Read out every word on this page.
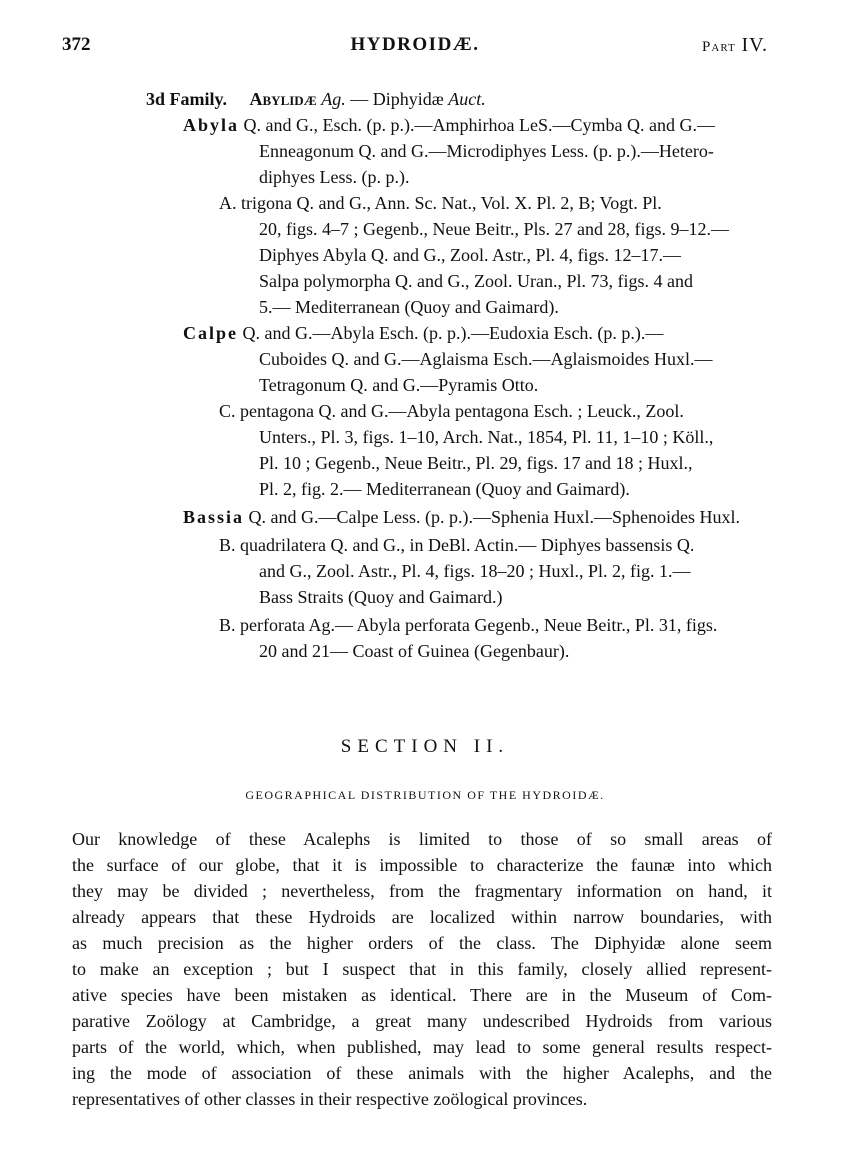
372	HYDROIDÆ.	Part IV.
3d Family. Abylidæ Ag. — Diphyidæ Auct.
Abyla Q. and G., Esch. (p. p.).—Amphirhoa LeS.—Cymba Q. and G.—
Enneagonum Q. and G.—Microdiphyes Less. (p. p.).—Hetero-
diphyes Less. (p. p.).
A. trigona Q. and G., Ann. Sc. Nat., Vol. X. Pl. 2, B; Vogt. Pl.
20, figs. 4–7 ; Gegenb., Neue Beitr., Pls. 27 and 28, figs. 9–12.—
Diphyes Abyla Q. and G., Zool. Astr., Pl. 4, figs. 12–17.—
Salpa polymorpha Q. and G., Zool. Uran., Pl. 73, figs. 4 and
5.— Mediterranean (Quoy and Gaimard).
Calpe Q. and G.—Abyla Esch. (p. p.).—Eudoxia Esch. (p. p.).—
Cuboides Q. and G.—Aglaisma Esch.—Aglaismoides Huxl.—
Tetragonum Q. and G.—Pyramis Otto.
C. pentagona Q. and G.—Abyla pentagona Esch. ; Leuck., Zool.
Unters., Pl. 3, figs. 1–10, Arch. Nat., 1854, Pl. 11, 1–10 ; Köll.,
Pl. 10 ; Gegenb., Neue Beitr., Pl. 29, figs. 17 and 18 ; Huxl.,
Pl. 2, fig. 2.— Mediterranean (Quoy and Gaimard).
Bassia Q. and G.—Calpe Less. (p. p.).—Sphenia Huxl.—Sphenoides Huxl.
B. quadrilatera Q. and G., in DeBl. Actin.— Diphyes bassensis Q.
and G., Zool. Astr., Pl. 4, figs. 18–20 ; Huxl., Pl. 2, fig. 1.—
Bass Straits (Quoy and Gaimard.)
B. perforata Ag.— Abyla perforata Gegenb., Neue Beitr., Pl. 31, figs.
20 and 21— Coast of Guinea (Gegenbaur).
SECTION II.
GEOGRAPHICAL DISTRIBUTION OF THE HYDROIDÆ.
Our knowledge of these Acalephs is limited to those of so small areas of
the surface of our globe, that it is impossible to characterize the faunæ into which
they may be divided ; nevertheless, from the fragmentary information on hand, it
already appears that these Hydroids are localized within narrow boundaries, with
as much precision as the higher orders of the class. The Diphyidæ alone seem
to make an exception ; but I suspect that in this family, closely allied represent-
ative species have been mistaken as identical. There are in the Museum of Com-
parative Zoölogy at Cambridge, a great many undescribed Hydroids from various
parts of the world, which, when published, may lead to some general results respect-
ing the mode of association of these animals with the higher Acalephs, and the
representatives of other classes in their respective zoölogical provinces.
